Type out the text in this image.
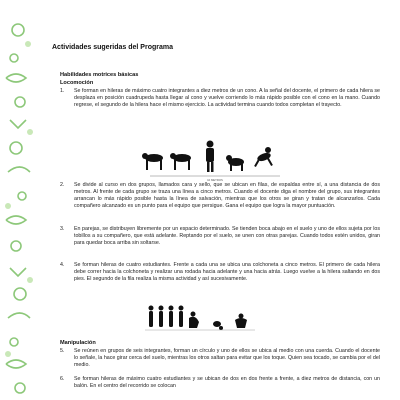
Actividades sugeridas del Programa
Habilidades motrices básicas
Locomoción
1. Se forman en hileras de máximo cuatro integrantes a diez metros de un cono. A la señal del docente, el primero de cada hilera se desplaza en posición cuadrupeda hasta llegar al cono y vuelve corriendo lo más rápido posible con el cono en la mano. Cuando regrese, el segundo de la hilera hace el mismo ejercicio. La actividad termina cuando todos completan el trayecto.
10 METROS
2. Se divide al curso en dos grupos, llamados cara y sello, que se ubican en filas, de espaldas entre sí, a una distancia de dos metros. Al frente de cada grupo se traza una línea a cinco metros. Cuando el docente diga el nombre del grupo, sus integrantes arrancan lo más rápido posible hasta la línea de salvación, mientras que los otros se giran y tratan de alcanzarlos. Cada compañero alcanzado es un punto para el equipo que persigue. Gana el equipo que logra la mayor puntuación.
3. En parejas, se distribuyen libremente por un espacio determinado. Se tienden boca abajo en el suelo y uno de ellos sujeta por los tobillos a su compañero, que está adelante. Reptando por el suelo, se unen con otras parejas. Cuando todos estén unidos, giran para quedar boca arriba sin soltarse.
4. Se forman hileras de cuatro estudiantes. Frente a cada una se ubica una colchoneta a cinco metros. El primero de cada hilera debe correr hacia la colchoneta y realizar una rodada hacia adelante y una hacia atrás. Luego vuelve a la hilera saltando en dos pies. El segundo de la fila realiza la misma actividad y así sucesivamente.
Manipulación
5. Se reúnen en grupos de seis integrantes, forman un círculo y uno de ellos se ubica al medio con una cuerda. Cuando el docente lo señale, la hace girar cerca del suelo, mientras los otros saltan para evitar que los toque. Quien sea tocado, se cambia por el del medio.
6. Se forman hileras de máximo cuatro estudiantes y se ubican de dos en dos frente a frente, a diez metros de distancia, con un balón. En el centro del recorrido se colocan
